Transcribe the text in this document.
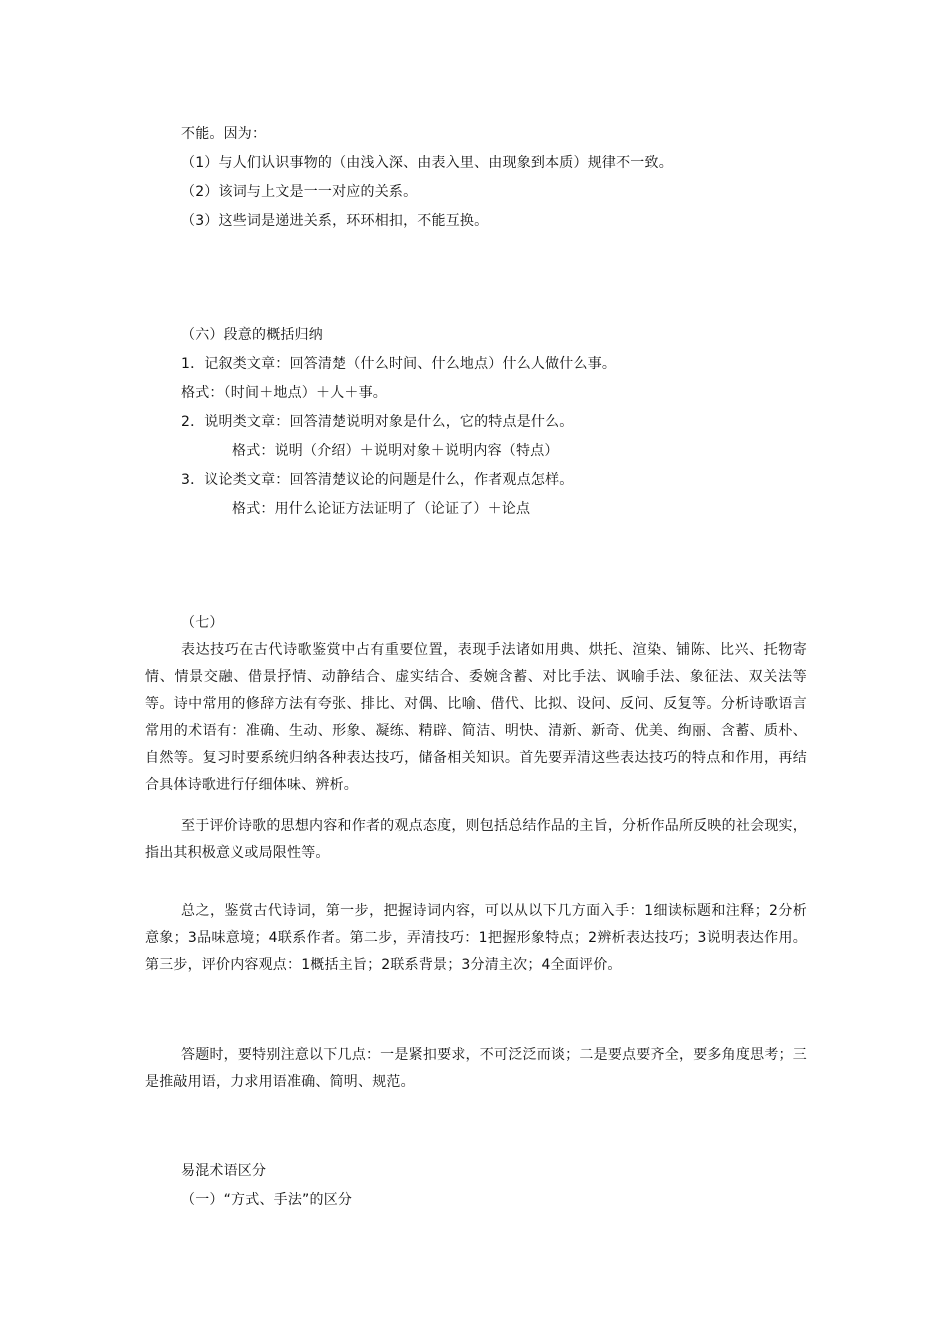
不能。因为：
（1）与人们认识事物的（由浅入深、由表入里、由现象到本质）规律不一致。
（2）该词与上文是一一对应的关系。
（3）这些词是递进关系，环环相扣，不能互换。
（六）段意的概括归纳
1．记叙类文章：回答清楚（什么时间、什么地点）什么人做什么事。
格式：（时间＋地点）＋人＋事。
2．说明类文章：回答清楚说明对象是什么，它的特点是什么。
格式：说明（介绍）＋说明对象＋说明内容（特点）
3．议论类文章：回答清楚议论的问题是什么，作者观点怎样。
格式：用什么论证方法证明了（论证了）＋论点
（七）

表达技巧在古代诗歌鉴赏中占有重要位置，表现手法诸如用典、烘托、渲染、铺陈、比兴、托物寄情、情景交融、借景抒情、动静结合、虚实结合、委婉含蓄、对比手法、讽喻手法、象征法、双关法等等。诗中常用的修辞方法有夸张、排比、对偶、比喻、借代、比拟、设问、反问、反复等。分析诗歌语言常用的术语有：准确、生动、形象、凝练、精辟、简洁、明快、清新、新奇、优美、绚丽、含蓄、质朴、自然等。复习时要系统归纳各种表达技巧，储备相关知识。首先要弄清这些表达技巧的特点和作用，再结合具体诗歌进行仔细体味、辨析。

至于评价诗歌的思想内容和作者的观点态度，则包括总结作品的主旨，分析作品所反映的社会现实，指出其积极意义或局限性等。

总之，鉴赏古代诗词，第一步，把握诗词内容，可以从以下几方面入手：1细读标题和注释；2分析意象；3品味意境；4联系作者。第二步，弄清技巧：1把握形象特点；2辨析表达技巧；3说明表达作用。第三步，评价内容观点：1概括主旨；2联系背景；3分清主次；4全面评价。

答题时，要特别注意以下几点：一是紧扣要求，不可泛泛而谈；二是要点要齐全，要多角度思考；三是推敲用语，力求用语准确、简明、规范。

易混术语区分
（一）“方式、手法”的区分
